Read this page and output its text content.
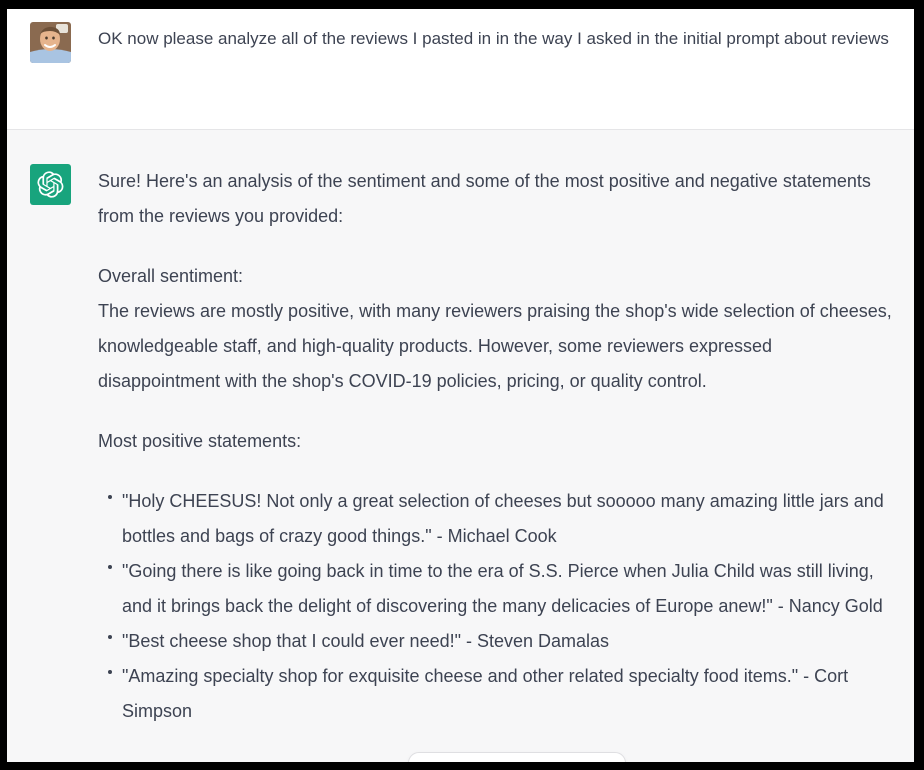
OK now please analyze all of the reviews I pasted in in the way I asked in the initial prompt about reviews

Sure! Here's an analysis of the sentiment and some of the most positive and negative statements from the reviews you provided:

Overall sentiment:
The reviews are mostly positive, with many reviewers praising the shop's wide selection of cheeses, knowledgeable staff, and high-quality products. However, some reviewers expressed disappointment with the shop's COVID-19 policies, pricing, or quality control.

Most positive statements:

"Holy CHEESUS! Not only a great selection of cheeses but sooooo many amazing little jars and bottles and bags of crazy good things." - Michael Cook
"Going there is like going back in time to the era of S.S. Pierce when Julia Child was still living, and it brings back the delight of discovering the many delicacies of Europe anew!" - Nancy Gold
"Best cheese shop that I could ever need!" - Steven Damalas
"Amazing specialty shop for exquisite cheese and other related specialty food items." - Cort Simpson
